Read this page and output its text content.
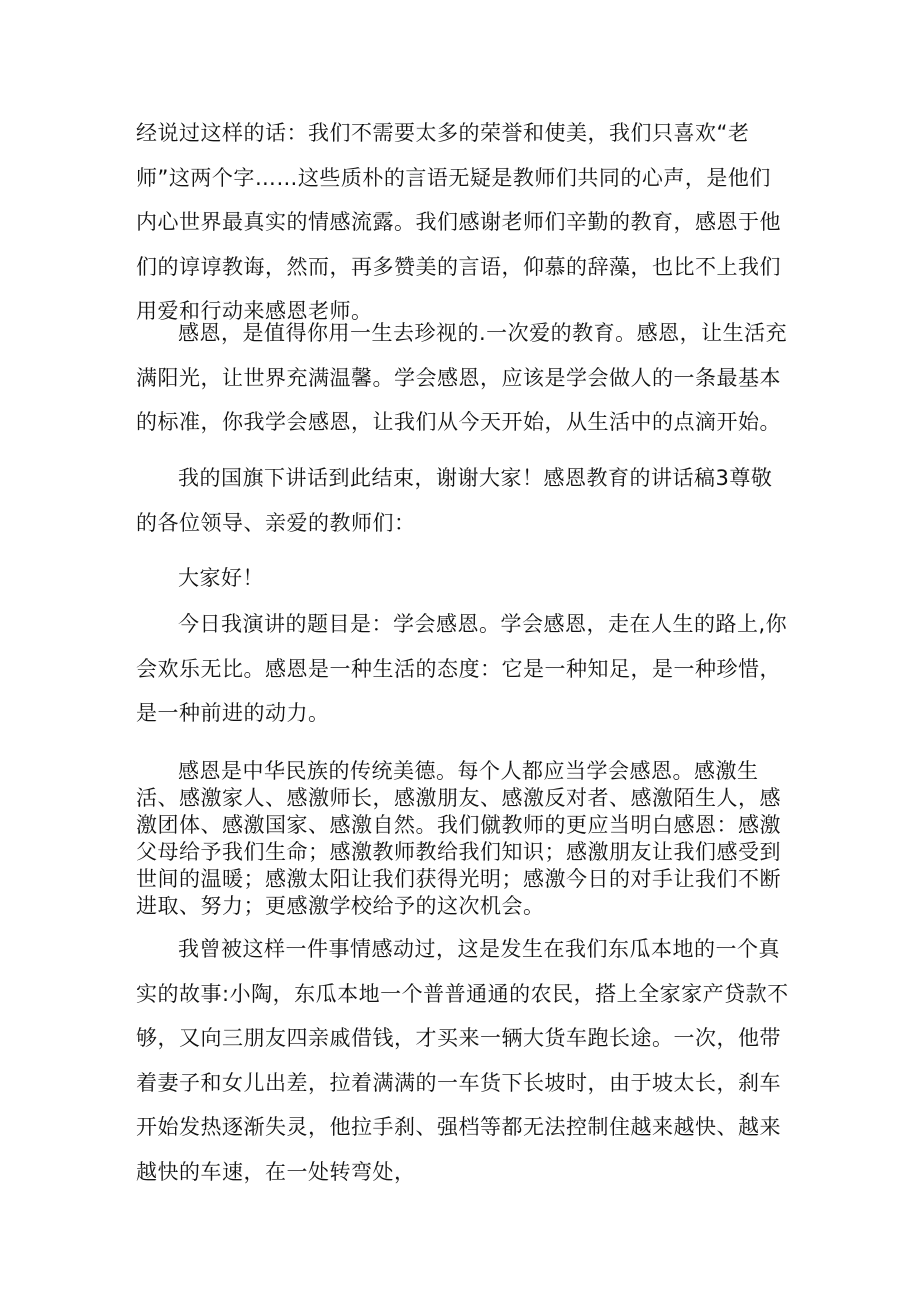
经说过这样的话：我们不需要太多的荣誉和使美，我们只喜欢“老师”这两个字……这些质朴的言语无疑是教师们共同的心声，是他们内心世界最真实的情感流露。我们感谢老师们辛勤的教育，感恩于他们的谆谆教诲，然而，再多赞美的言语，仰慕的辞藻，也比不上我们用爱和行动来感恩老师。

感恩，是值得你用一生去珍视的.一次爱的教育。感恩，让生活充满阳光，让世界充满温馨。学会感恩，应该是学会做人的一条最基本的标准，你我学会感恩，让我们从今天开始，从生活中的点滴开始。

我的国旗下讲话到此结束，谢谢大家！感恩教育的讲话稿3尊敬的各位领导、亲爱的教师们：

大家好！

今日我演讲的题目是：学会感恩。学会感恩，走在人生的路上,你会欢乐无比。感恩是一种生活的态度：它是一种知足，是一种珍惜，是一种前进的动力。

感恩是中华民族的传统美德。每个人都应当学会感恩。感激生活、感激家人、感激师长，感激朋友、感激反对者、感激陌生人，感激团体、感激国家、感激自然。我们僦教师的更应当明白感恩：感激父母给予我们生命；感激教师教给我们知识；感激朋友让我们感受到世间的温暖；感激太阳让我们获得光明；感激今日的对手让我们不断进取、努力；更感激学校给予的这次机会。

我曾被这样一件事情感动过，这是发生在我们东瓜本地的一个真实的故事:小陶，东瓜本地一个普普通通的农民，搭上全家家产贷款不够，又向三朋友四亲戚借钱，才买来一辆大货车跑长途。一次，他带着妻子和女儿出差，拉着满满的一车货下长坡时，由于坡太长，刹车开始发热逐渐失灵，他拉手刹、强档等都无法控制住越来越快、越来越快的车速，在一处转弯处，
